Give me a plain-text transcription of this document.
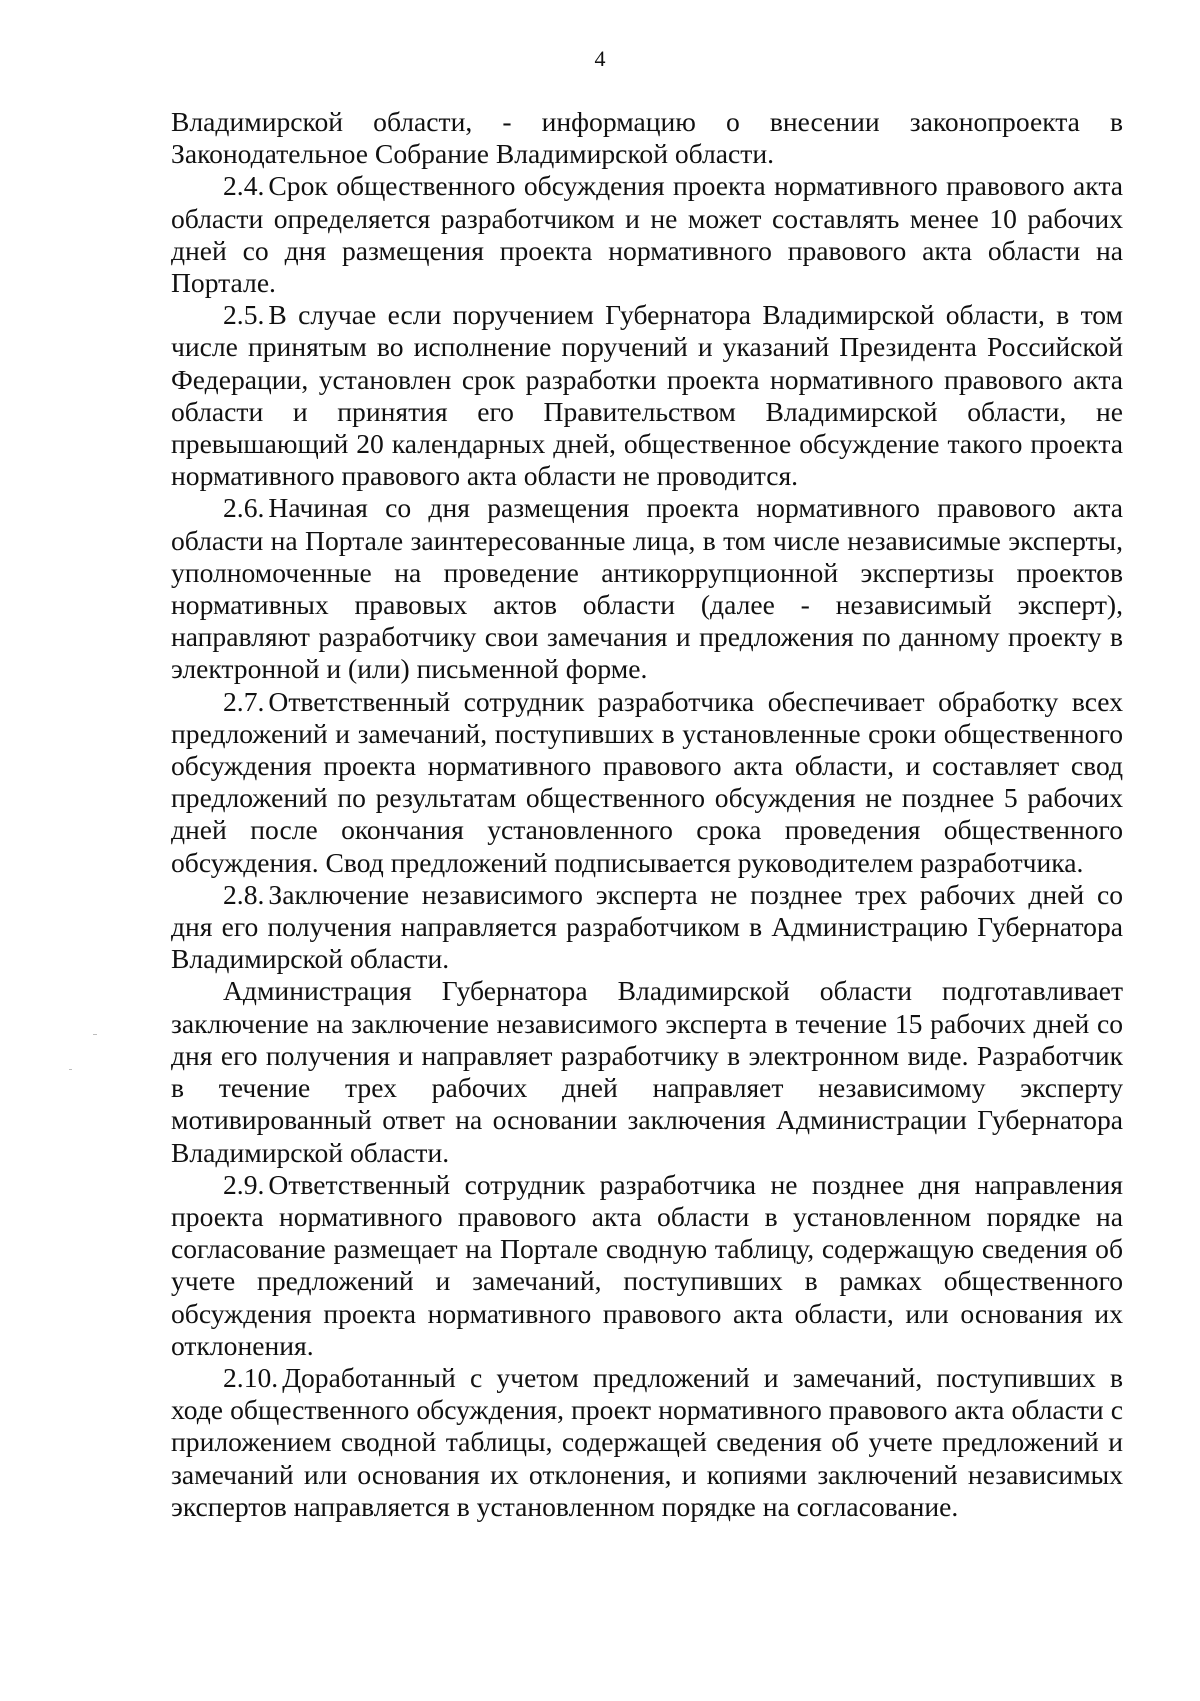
4

Владимирской области, - информацию о внесении законопроекта в Законодательное Собрание Владимирской области.

2.4. Срок общественного обсуждения проекта нормативного правового акта области определяется разработчиком и не может составлять менее 10 рабочих дней со дня размещения проекта нормативного правового акта области на Портале.

2.5. В случае если поручением Губернатора Владимирской области, в том числе принятым во исполнение поручений и указаний Президента Российской Федерации, установлен срок разработки проекта нормативного правового акта области и принятия его Правительством Владимирской области, не превышающий 20 календарных дней, общественное обсуждение такого проекта нормативного правового акта области не проводится.

2.6. Начиная со дня размещения проекта нормативного правового акта области на Портале заинтересованные лица, в том числе независимые эксперты, уполномоченные на проведение антикоррупционной экспертизы проектов нормативных правовых актов области (далее - независимый эксперт), направляют разработчику свои замечания и предложения по данному проекту в электронной и (или) письменной форме.

2.7. Ответственный сотрудник разработчика обеспечивает обработку всех предложений и замечаний, поступивших в установленные сроки общественного обсуждения проекта нормативного правового акта области, и составляет свод предложений по результатам общественного обсуждения не позднее 5 рабочих дней после окончания установленного срока проведения общественного обсуждения. Свод предложений подписывается руководителем разработчика.

2.8. Заключение независимого эксперта не позднее трех рабочих дней со дня его получения направляется разработчиком в Администрацию Губернатора Владимирской области.

Администрация Губернатора Владимирской области подготавливает заключение на заключение независимого эксперта в течение 15 рабочих дней со дня его получения и направляет разработчику в электронном виде. Разработчик в течение трех рабочих дней направляет независимому эксперту мотивированный ответ на основании заключения Администрации Губернатора Владимирской области.

2.9. Ответственный сотрудник разработчика не позднее дня направления проекта нормативного правового акта области в установленном порядке на согласование размещает на Портале сводную таблицу, содержащую сведения об учете предложений и замечаний, поступивших в рамках общественного обсуждения проекта нормативного правового акта области, или основания их отклонения.

2.10. Доработанный с учетом предложений и замечаний, поступивших в ходе общественного обсуждения, проект нормативного правового акта области с приложением сводной таблицы, содержащей сведения об учете предложений и замечаний или основания их отклонения, и копиями заключений независимых экспертов направляется в установленном порядке на согласование.
